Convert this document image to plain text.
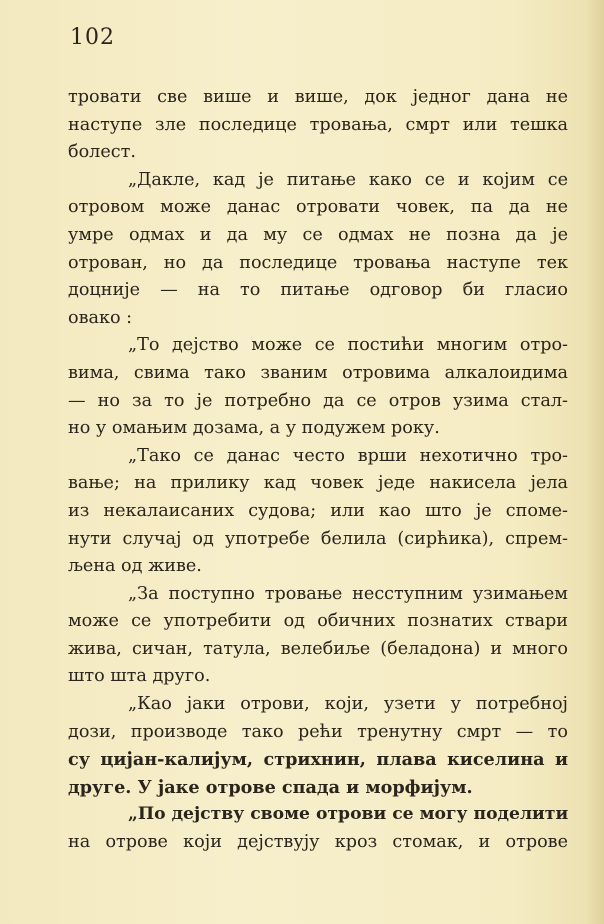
102
тровати све више и више, док једног дана не
наступе зле последице тровања, смрт или тешка
болест.
„Дакле, кад је питање како се и којим се
отровом може данас отровати човек, па да не
умре одмах и да му се одмах не позна да је
отрован, но да последице тровања наступе тек
доцније — на то питање одговор би гласио
овако :
„То дејство може се постићи многим отро-
вима, свима тако званим отровима алкалоидима
— но за то је потребно да се отров узима стал-
но у омањим дозама, а у подужем року.
„Тако се данас често врши нехотично тро-
вање; на прилику кад човек једе накисела јела
из некалаисаних судова; или као што је споме-
нути случај од употребе белила (сирћика), спрем-
љена од живе.
„За поступно тровање несступним узимањем
може се употребити од обичних познатих ствари
жива, сичан, татула, велебиље (беладона) и много
што шта друго.
„Као јаки отрови, који, узети у потребној
дози, производе тако рећи тренутну смрт — то
су цијан-калијум, стрихнин, плава киселина и
друге. У јаке отрове спада и морфијум.
„По дејству своме отрови се могу поделити
на отрове који дејствују кроз стомак, и отрове
